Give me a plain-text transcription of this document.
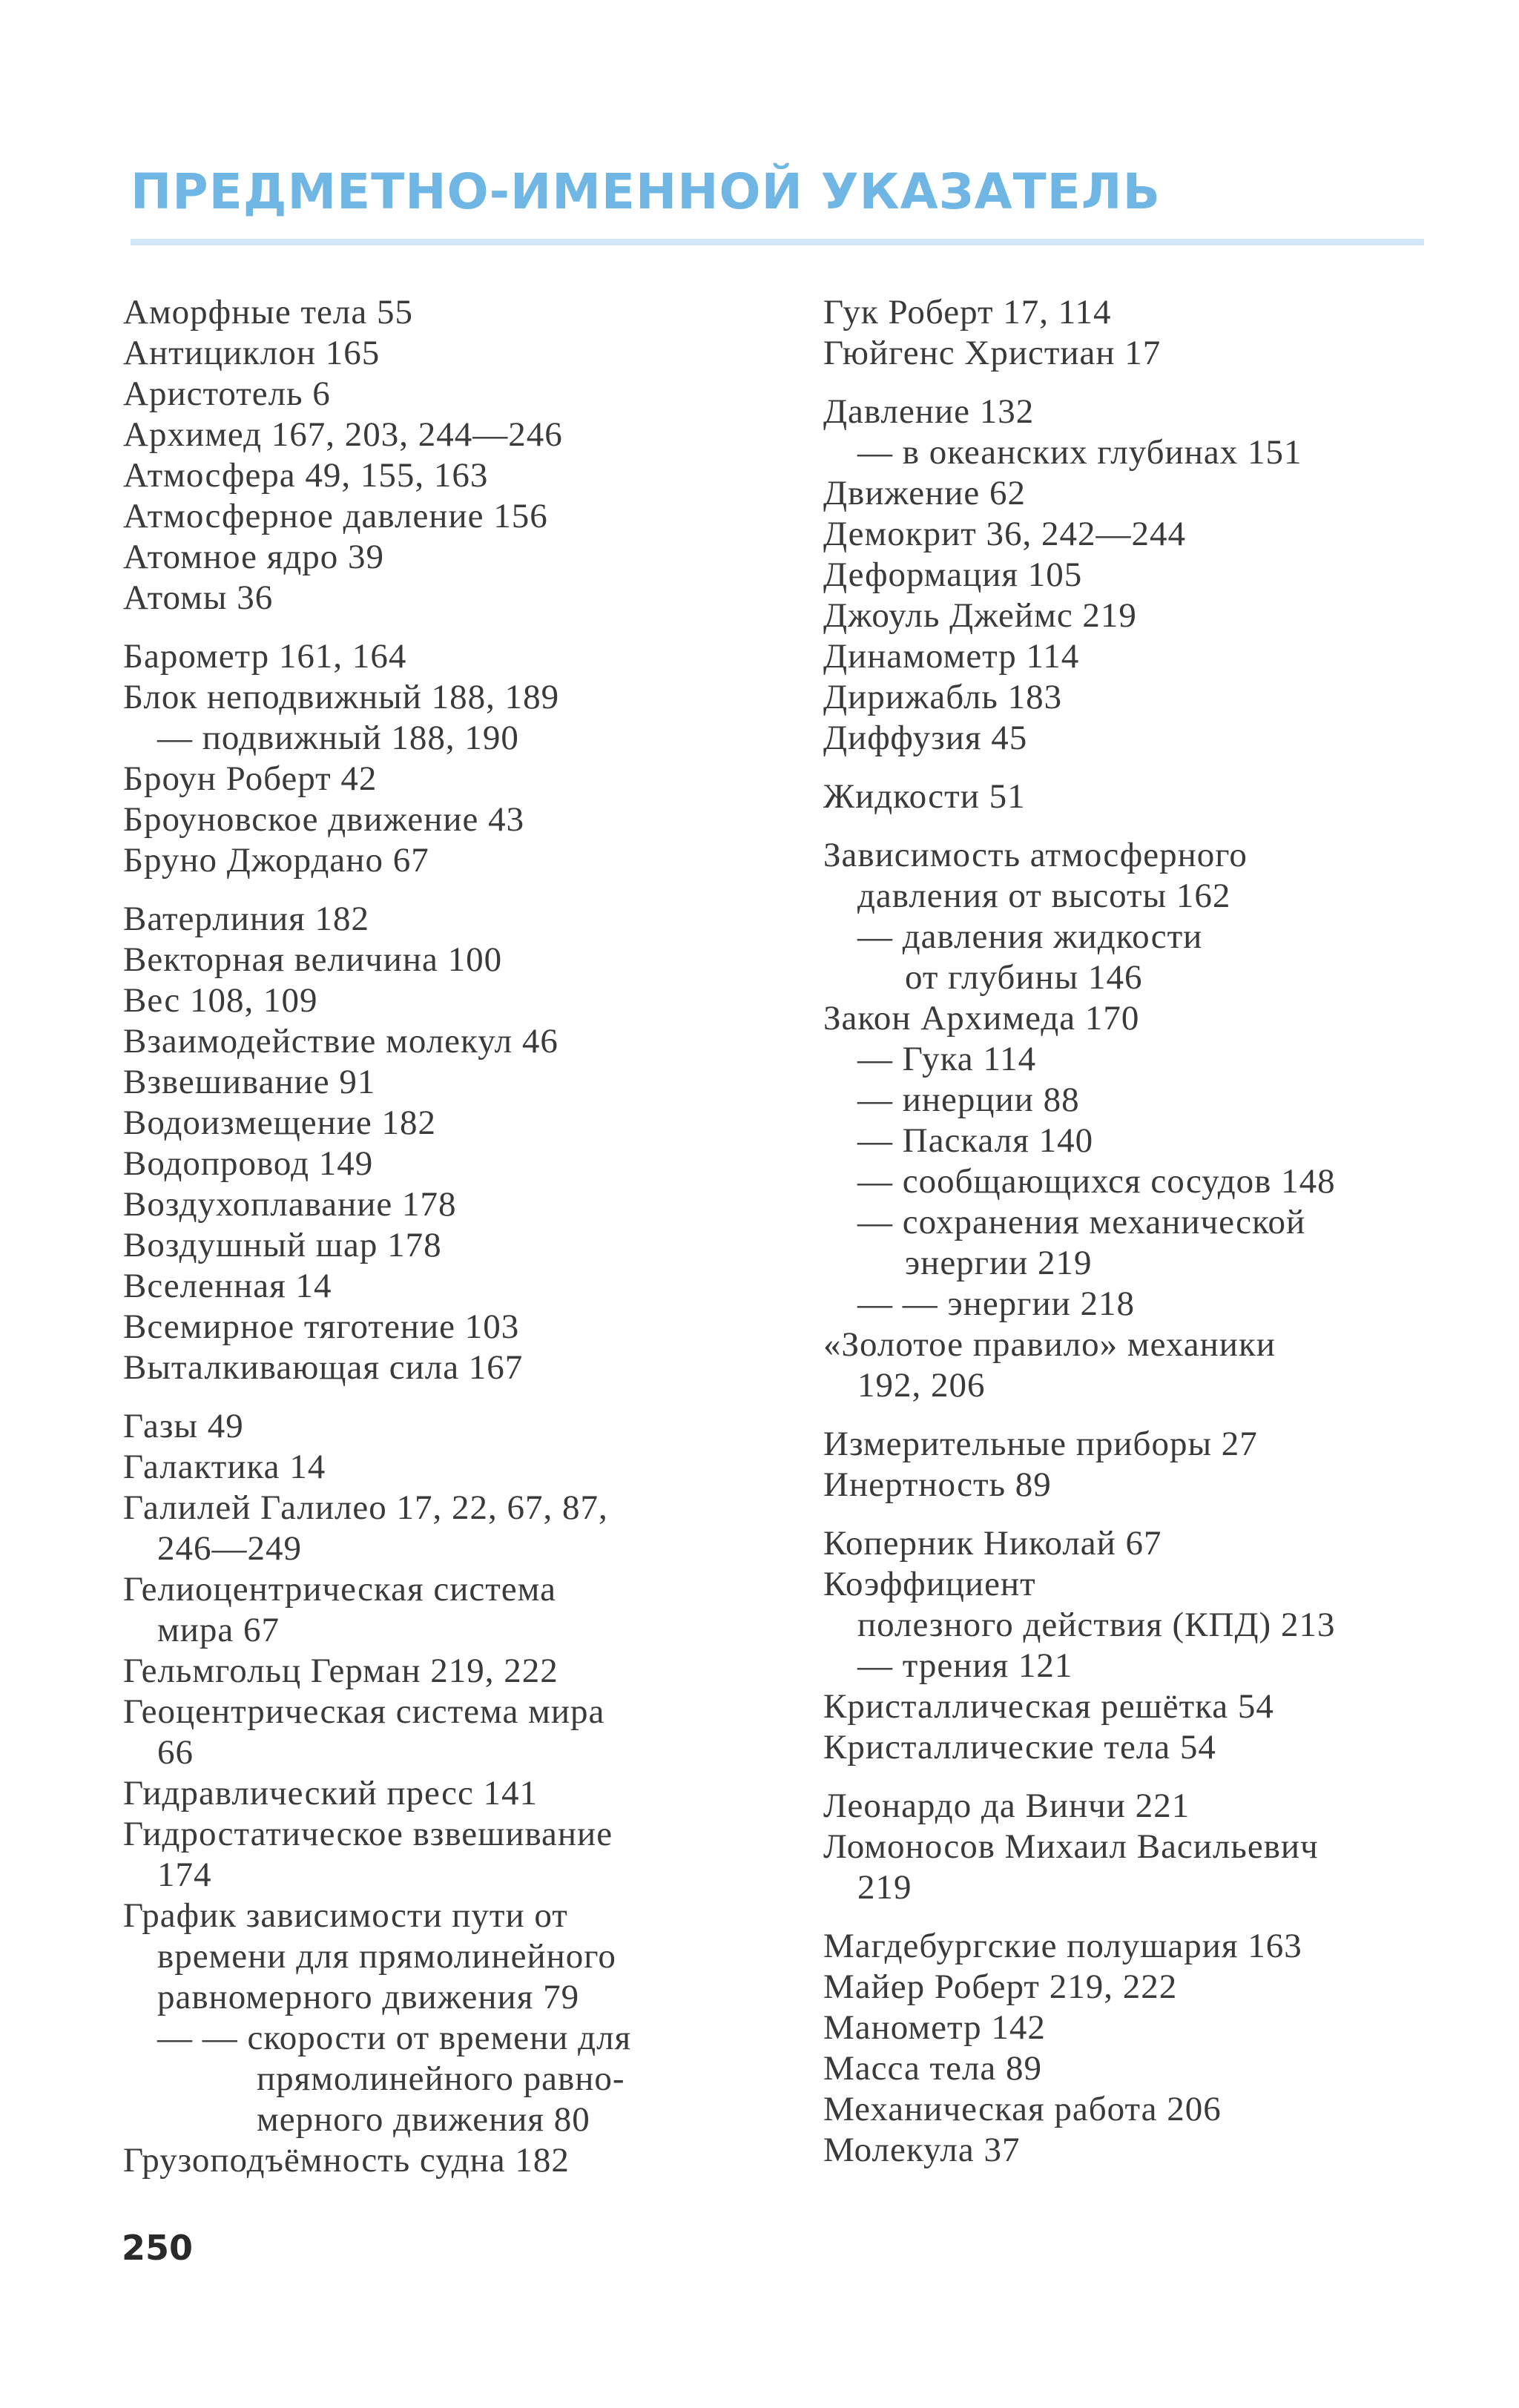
ПРЕДМЕТНО-ИМЕННОЙ УКАЗАТЕЛЬ
Аморфные тела 55
Антициклон 165
Аристотель 6
Архимед 167, 203, 244—246
Атмосфера 49, 155, 163
Атмосферное давление 156
Атомное ядро 39
Атомы 36
Барометр 161, 164
Блок неподвижный 188, 189
— подвижный 188, 190
Броун Роберт 42
Броуновское движение 43
Бруно Джордано 67
Ватерлиния 182
Векторная величина 100
Вес 108, 109
Взаимодействие молекул 46
Взвешивание 91
Водоизмещение 182
Водопровод 149
Воздухоплавание 178
Воздушный шар 178
Вселенная 14
Всемирное тяготение 103
Выталкивающая сила 167
Газы 49
Галактика 14
Галилей Галилео 17, 22, 67, 87,
246—249
Гелиоцентрическая система
мира 67
Гельмгольц Герман 219, 222
Геоцентрическая система мира
66
Гидравлический пресс 141
Гидростатическое взвешивание
174
График зависимости пути от
времени для прямолинейного
равномерного движения 79
— — скорости от времени для
прямолинейного равно-
мерного движения 80
Грузоподъёмность судна 182
Гук Роберт 17, 114
Гюйгенс Христиан 17
Давление 132
— в океанских глубинах 151
Движение 62
Демокрит 36, 242—244
Деформация 105
Джоуль Джеймс 219
Динамометр 114
Дирижабль 183
Диффузия 45
Жидкости 51
Зависимость атмосферного
давления от высоты 162
— давления жидкости
от глубины 146
Закон Архимеда 170
— Гука 114
— инерции 88
— Паскаля 140
— сообщающихся сосудов 148
— сохранения механической
энергии 219
— — энергии 218
«Золотое правило» механики
192, 206
Измерительные приборы 27
Инертность 89
Коперник Николай 67
Коэффициент
полезного действия (КПД) 213
— трения 121
Кристаллическая решётка 54
Кристаллические тела 54
Леонардо да Винчи 221
Ломоносов Михаил Васильевич
219
Магдебургские полушария 163
Майер Роберт 219, 222
Манометр 142
Масса тела 89
Механическая работа 206
Молекула 37
250
